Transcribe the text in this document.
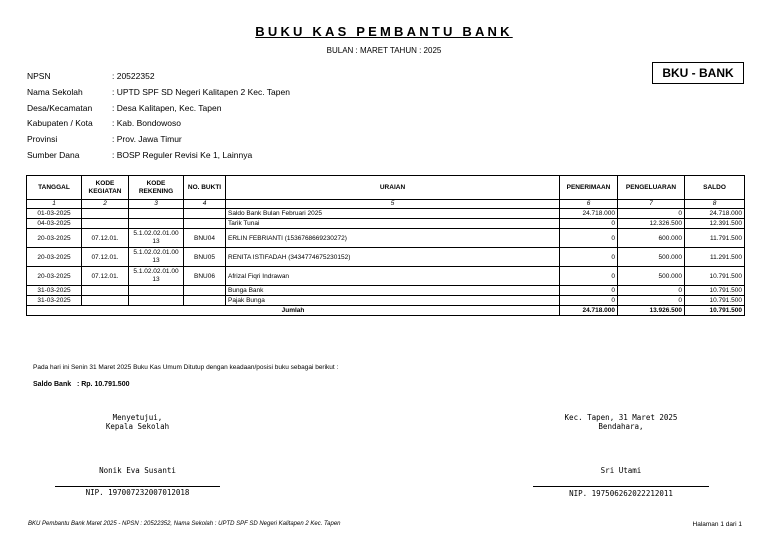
BUKU KAS PEMBANTU BANK
BULAN : MARET TAHUN : 2025
BKU - BANK
NPSN	: 20522352
Nama Sekolah	: UPTD SPF SD Negeri Kalitapen 2 Kec. Tapen
Desa/Kecamatan : Desa Kalitapen, Kec. Tapen
Kabupaten / Kota : Kab. Bondowoso
Provinsi	: Prov. Jawa Timur
Sumber Dana	: BOSP Reguler Revisi Ke 1, Lainnya
TANGGAL	KODE KEGIATAN	KODE REKENING	NO. BUKTI	URAIAN	PENERIMAAN	PENGELUARAN	SALDO
1	2	3	4	5	6	7	8
01-03-2025				Saldo Bank Bulan Februari 2025	24.718.000	0	24.718.000
04-03-2025				Tarik Tunai	0	12.326.500	12.391.500
20-03-2025	07.12.01.	5.1.02.02.01.00 13	BNU04	ERLIN FEBRIANTI (1536768669230272)	0	600.000	11.791.500
20-03-2025	07.12.01.	5.1.02.02.01.00 13	BNU05	RENITA ISTIFADAH (3434774675230152)	0	500.000	11.291.500
20-03-2025	07.12.01.	5.1.02.02.01.00 13	BNU06	Afrizal Fiqri Indrawan	0	500.000	10.791.500
31-03-2025				Bunga Bank	0	0	10.791.500
31-03-2025				Pajak Bunga	0	0	10.791.500
Jumlah					24.718.000	13.926.500	10.791.500
Pada hari ini Senin 31 Maret 2025 Buku Kas Umum Ditutup dengan keadaan/posisi buku sebagai berikut :
Saldo Bank   : Rp. 10.791.500
Menyetujui,
Kepala Sekolah
Nonik Eva Susanti
NIP. 197007232007012018
Kec. Tapen, 31 Maret 2025
Bendahara,
Sri Utami
NIP. 197506262022212011
BKU Pembantu Bank Maret 2025 - NPSN : 20522352, Nama Sekolah : UPTD SPF SD Negeri Kalitapen 2 Kec. Tapen	Halaman 1 dari 1
